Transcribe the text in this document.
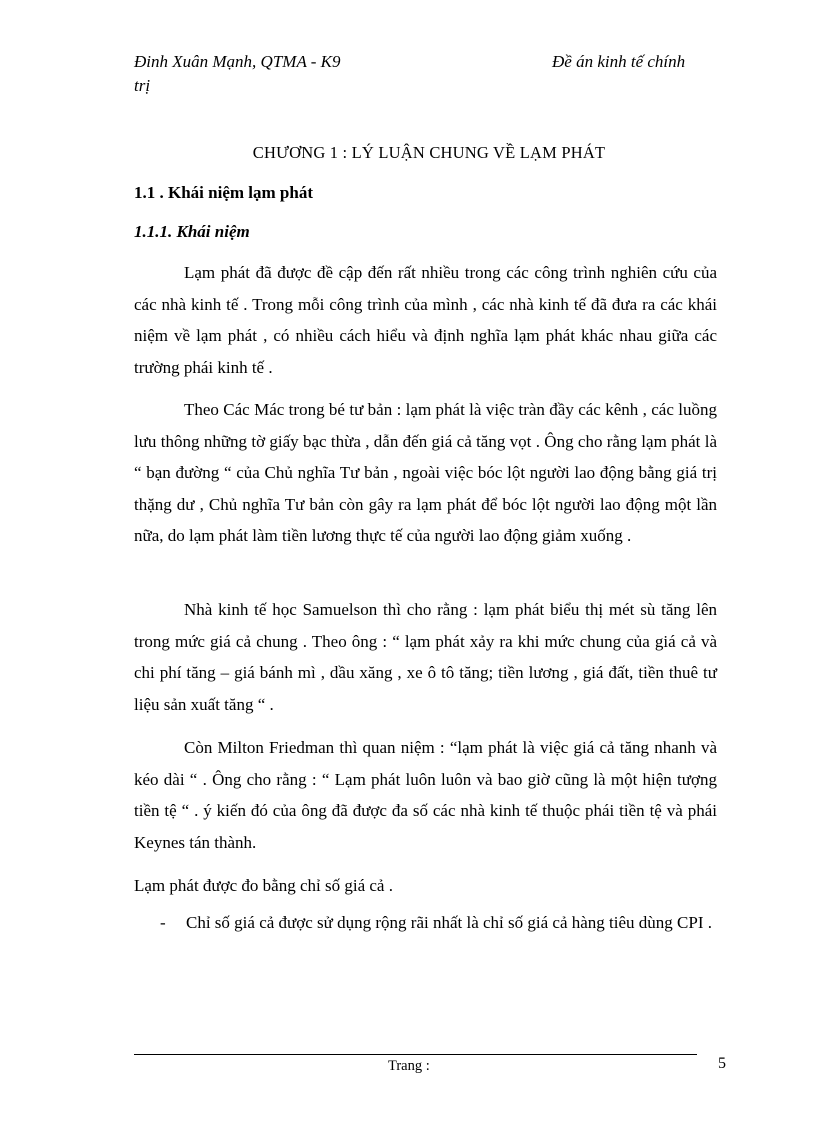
Đinh Xuân Mạnh, QTMA - K9
trị
Đề án kinh tế chính
CHƯƠNG 1 : LÝ LUẬN CHUNG VỀ LẠM PHÁT
1.1 . Khái niệm lạm phát
1.1.1. Khái niệm

Lạm phát đã được đề cập đến rất nhiều trong các công trình nghiên cứu của các nhà kinh tế . Trong mỗi công trình của mình , các nhà kinh tế đã đưa ra các khái niệm về lạm phát , có nhiều cách hiểu và định nghĩa lạm phát khác nhau giữa các trường phái kinh tế .

Theo Các Mác trong bé tư bản : lạm phát là việc tràn đầy các kênh , các luồng lưu thông những tờ giấy bạc thừa , dẫn đến giá cả tăng vọt . Ông cho rằng lạm phát là “ bạn đường “ của Chủ nghĩa Tư bản , ngoài việc bóc lột người lao động bằng giá trị thặng dư , Chủ nghĩa Tư bản còn gây ra lạm phát để bóc lột người lao động một lần nữa, do lạm phát làm tiền lương thực tế của người lao động giảm xuống .

Nhà kinh tế học Samuelson thì cho rằng : lạm phát biểu thị mét sù tăng lên trong mức giá cả chung . Theo ông : “ lạm phát xảy ra khi mức chung của giá cả và chi phí tăng – giá bánh mì , dầu xăng , xe ô tô tăng; tiền lương , giá đất, tiền thuê tư liệu sản xuất tăng “ .

Còn Milton Friedman thì quan niệm : “lạm phát là việc giá cả tăng nhanh và kéo dài “ . Ông cho rằng : “ Lạm phát luôn luôn và bao giờ cũng là một hiện tượng tiền tệ “ . ý kiến đó của ông đã được đa số các nhà kinh tế thuộc phái tiền tệ và phái Keynes tán thành.

Lạm phát được đo bằng chỉ số giá cả .

- Chỉ số giá cả được sử dụng rộng rãi nhất là chỉ số giá cả hàng tiêu dùng CPI .

Trang :	5
